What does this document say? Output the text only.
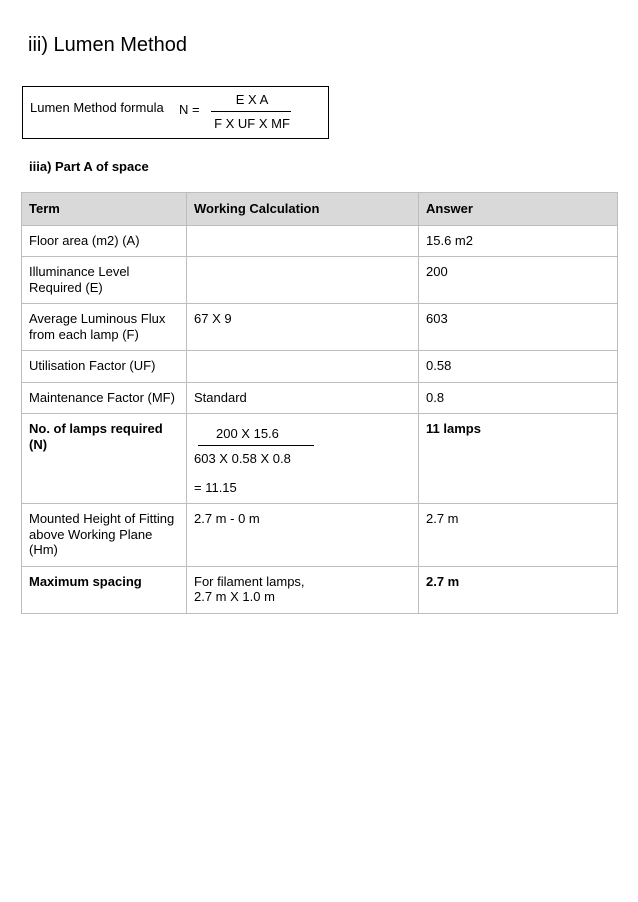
iii) Lumen Method
Lumen Method formula N =
E X A
F X UF X MF
iiia) Part A of space
Term	Working Calculation	Answer
Floor area (m2) (A)		15.6 m2
Illuminance Level Required (E)		200
Average Luminous Flux from each lamp (F)	67 X 9	603
Utilisation Factor (UF)		0.58
Maintenance Factor (MF)	Standard	0.8
No. of lamps required (N)	200 X 15.6
603 X 0.58 X 0.8
= 11.15	11 lamps
Mounted Height of Fitting above Working Plane (Hm)	2.7 m - 0 m	2.7 m
Maximum spacing	For filament lamps,
2.7 m X 1.0 m	2.7 m
